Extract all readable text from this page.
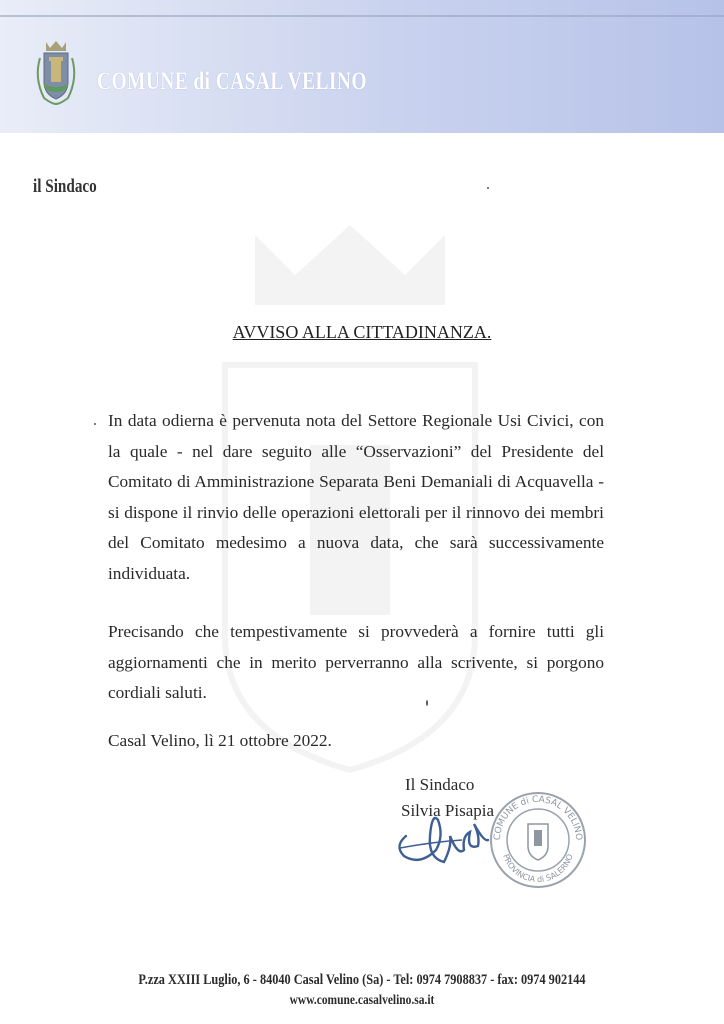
COMUNE di CASAL VELINO
il Sindaco
AVVISO ALLA CITTADINANZA.
In data odierna è pervenuta nota del Settore Regionale Usi Civici, con la quale - nel dare seguito alle “Osservazioni” del Presidente del Comitato di Amministrazione Separata Beni Demaniali di Acquavella - si dispone il rinvio delle operazioni elettorali per il rinnovo dei membri del Comitato medesimo a nuova data, che sarà successivamente individuata.
Precisando che tempestivamente si provvederà a fornire tutti gli aggiornamenti che in merito perverranno alla scrivente, si porgono cordiali saluti.
Casal Velino, lì 21 ottobre 2022.
Il Sindaco
Silvia Pisapia
COMUNE di CASAL VELINO
PROVINCIA di SALERNO
P.zza XXIII Luglio, 6 - 84040 Casal Velino (Sa) - Tel: 0974 7908837 - fax: 0974 902144
www.comune.casalvelino.sa.it
